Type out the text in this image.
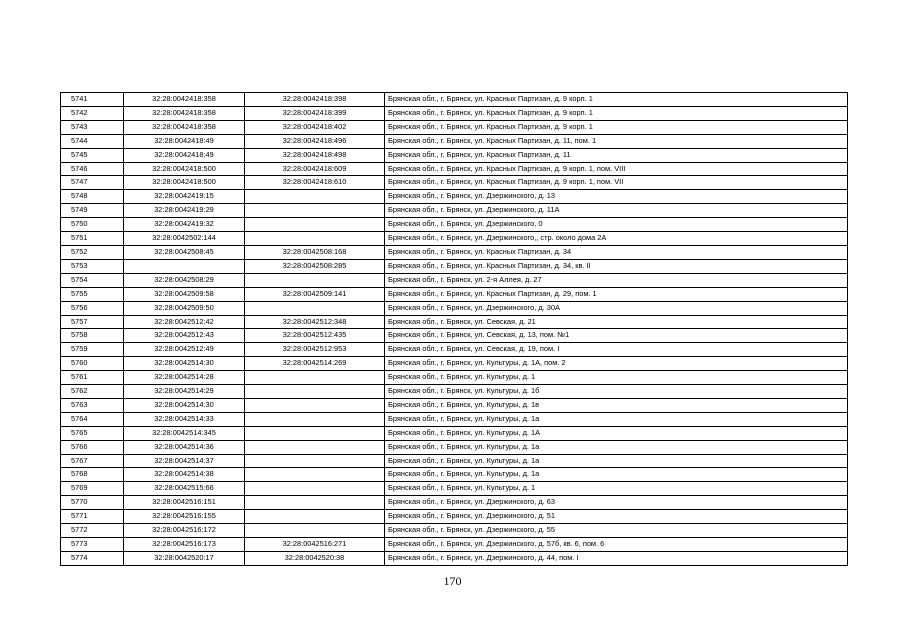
5741	32:28:0042418:358	32:28:0042418:398	Брянская обл., г. Брянск, ул. Красных Партизан, д. 9 корп. 1
5742	32:28:0042418:358	32:28:0042418:399	Брянская обл., г. Брянск, ул. Красных Партизан, д. 9 корп. 1
5743	32:28:0042418:358	32:28:0042418:402	Брянская обл., г. Брянск, ул. Красных Партизан, д. 9 корп. 1
5744	32:28:0042418:49	32:28:0042418:496	Брянская обл., г. Брянск, ул. Красных Партизан, д. 11, пом. 1
5745	32:28:0042418:49	32:28:0042418:498	Брянская обл., г. Брянск, ул. Красных Партизан, д. 11
5746	32:28:0042418:500	32:28:0042418:609	Брянская обл., г. Брянск, ул. Красных Партизан, д. 9 корп. 1, пом. VIII
5747	32:28:0042418:500	32:28:0042418:610	Брянская обл., г. Брянск, ул. Красных Партизан, д. 9 корп. 1, пом. VII
5748	32:28:0042419:15		Брянская обл., г. Брянск, ул. Дзержинского, д. 13
5749	32:28:0042419:29		Брянская обл., г. Брянск, ул. Дзержинского, д. 11А
5750	32:28:0042419:32		Брянская обл., г. Брянск, ул. Дзержинского, 0
5751	32:28:0042502:144		Брянская обл., г. Брянск, ул. Дзержинского,, стр. около дома 2А
5752	32:28:0042508:45	32:28:0042508:168	Брянская обл., г. Брянск, ул. Красных Партизан, д. 34
5753		32:28:0042508:285	Брянская обл., г. Брянск, ул. Красных Партизан, д. 34, кв. II
5754	32:28:0042508:29		Брянская обл., г. Брянск, ул. 2-я Аллея, д. 27
5755	32:28:0042509:58	32:28:0042509:141	Брянская обл., г. Брянск, ул. Красных Партизан, д. 29, пом. 1
5756	32:28:0042509:50		Брянская обл., г. Брянск, ул. Дзержинского, д. 30А
5757	32:28:0042512:42	32:28:0042512:348	Брянская обл., г. Брянск, ул. Севская, д. 21
5758	32:28:0042512:43	32:28:0042512:435	Брянская обл., г. Брянск, ул. Севская, д. 13, пом. №1
5759	32:28:0042512:49	32:28:0042512:953	Брянская обл., г. Брянск, ул. Севская, д. 19, пом. I
5760	32:28:0042514:30	32:28:0042514:269	Брянская обл., г. Брянск, ул. Культуры, д. 1А, пом. 2
5761	32:28:0042514:28		Брянская обл., г. Брянск, ул. Культуры, д. 1
5762	32:28:0042514:29		Брянская обл., г. Брянск, ул. Культуры, д. 1б
5763	32:28:0042514:30		Брянская обл., г. Брянск, ул. Культуры, д. 1в
5764	32:28:0042514:33		Брянская обл., г. Брянск, ул. Культуры, д. 1а
5765	32:28:0042514:345		Брянская обл., г. Брянск, ул. Культуры, д. 1А
5766	32:28:0042514:36		Брянская обл., г. Брянск, ул. Культуры, д. 1а
5767	32:28:0042514:37		Брянская обл., г. Брянск, ул. Культуры, д. 1а
5768	32:28:0042514:38		Брянская обл., г. Брянск, ул. Культуры, д. 1а
5769	32:28:0042515:66		Брянская обл., г. Брянск, ул. Культуры, д. 1
5770	32:28:0042516:151		Брянская обл., г. Брянск, ул. Дзержинского, д. 63
5771	32:28:0042516:155		Брянская обл., г. Брянск, ул. Дзержинского, д. 51
5772	32:28:0042516:172		Брянская обл., г. Брянск, ул. Дзержинского, д. 55
5773	32:28:0042516:173	32:28:0042516:271	Брянская обл., г. Брянск, ул. Дзержинского, д. 57б, кв. 6, пом. 6
5774	32:28:0042520:17	32:28:0042520:38	Брянская обл., г. Брянск, ул. Дзержинского, д. 44, пом. I
170
